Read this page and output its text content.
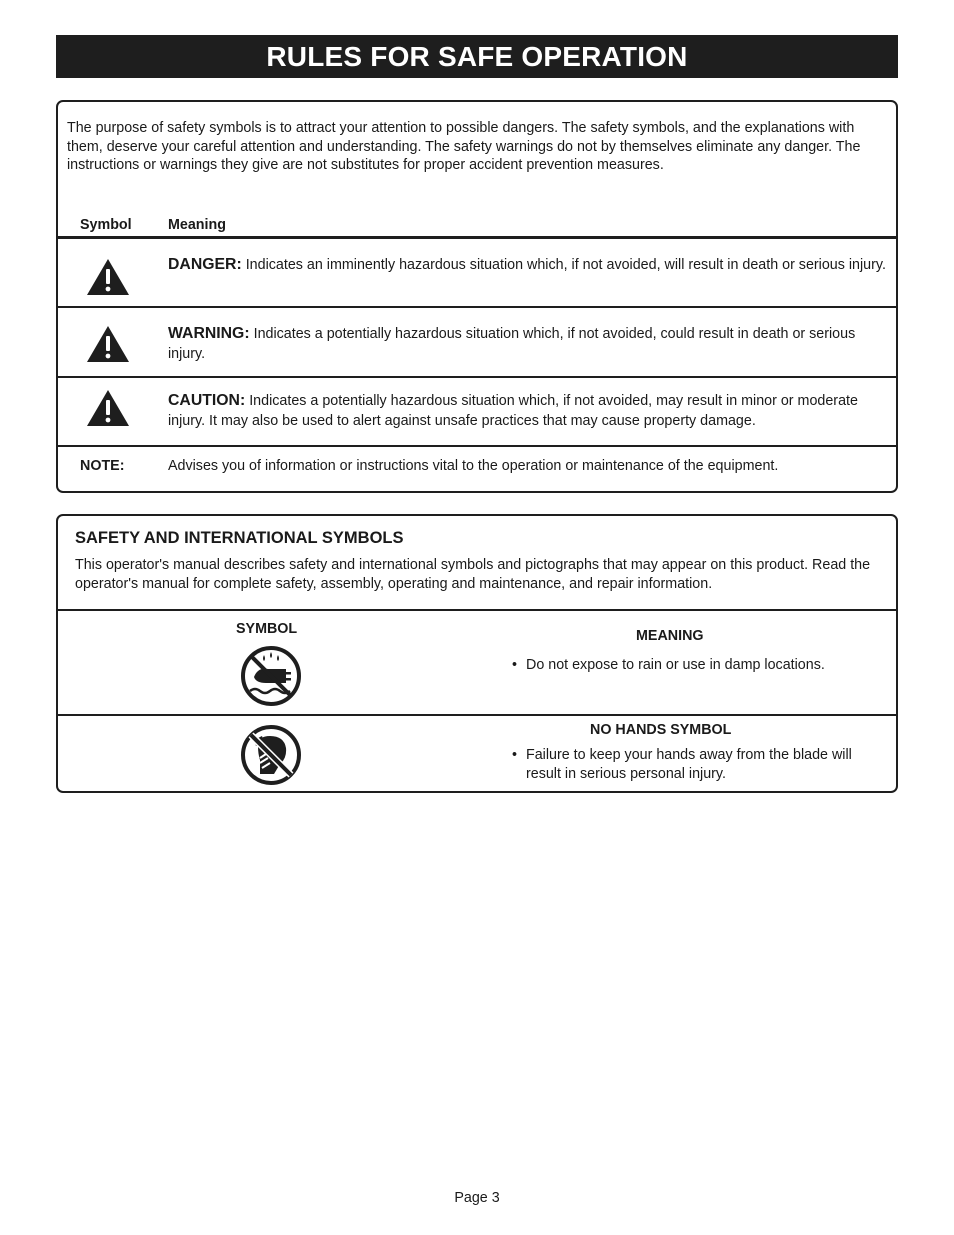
RULES FOR SAFE OPERATION
The purpose of safety symbols is to attract your attention to possible dangers. The safety symbols, and the explanations with them, deserve your careful attention and understanding. The safety warnings do not by themselves eliminate any danger. The instructions or warnings they give are not substitutes for proper accident prevention measures.
Symbol	Meaning
DANGER: Indicates an imminently hazardous situation which, if not avoided, will result in death or serious injury.
WARNING: Indicates a potentially hazardous situation which, if not avoided, could result in death or serious injury.
CAUTION: Indicates a potentially hazardous situation which, if not avoided, may result in minor or moderate injury. It may also be used to alert against unsafe practices that may cause property damage.
NOTE:	Advises you of information or instructions vital to the operation or maintenance of the equipment.
SAFETY AND INTERNATIONAL SYMBOLS
This operator's manual describes safety and international symbols and pictographs that may appear on this product. Read the operator's manual for complete safety, assembly, operating and maintenance, and repair information.
SYMBOL	MEANING
• Do not expose to rain or use in damp locations.
NO HANDS SYMBOL
• Failure to keep your hands away from the blade will result in serious personal injury.
Page 3
